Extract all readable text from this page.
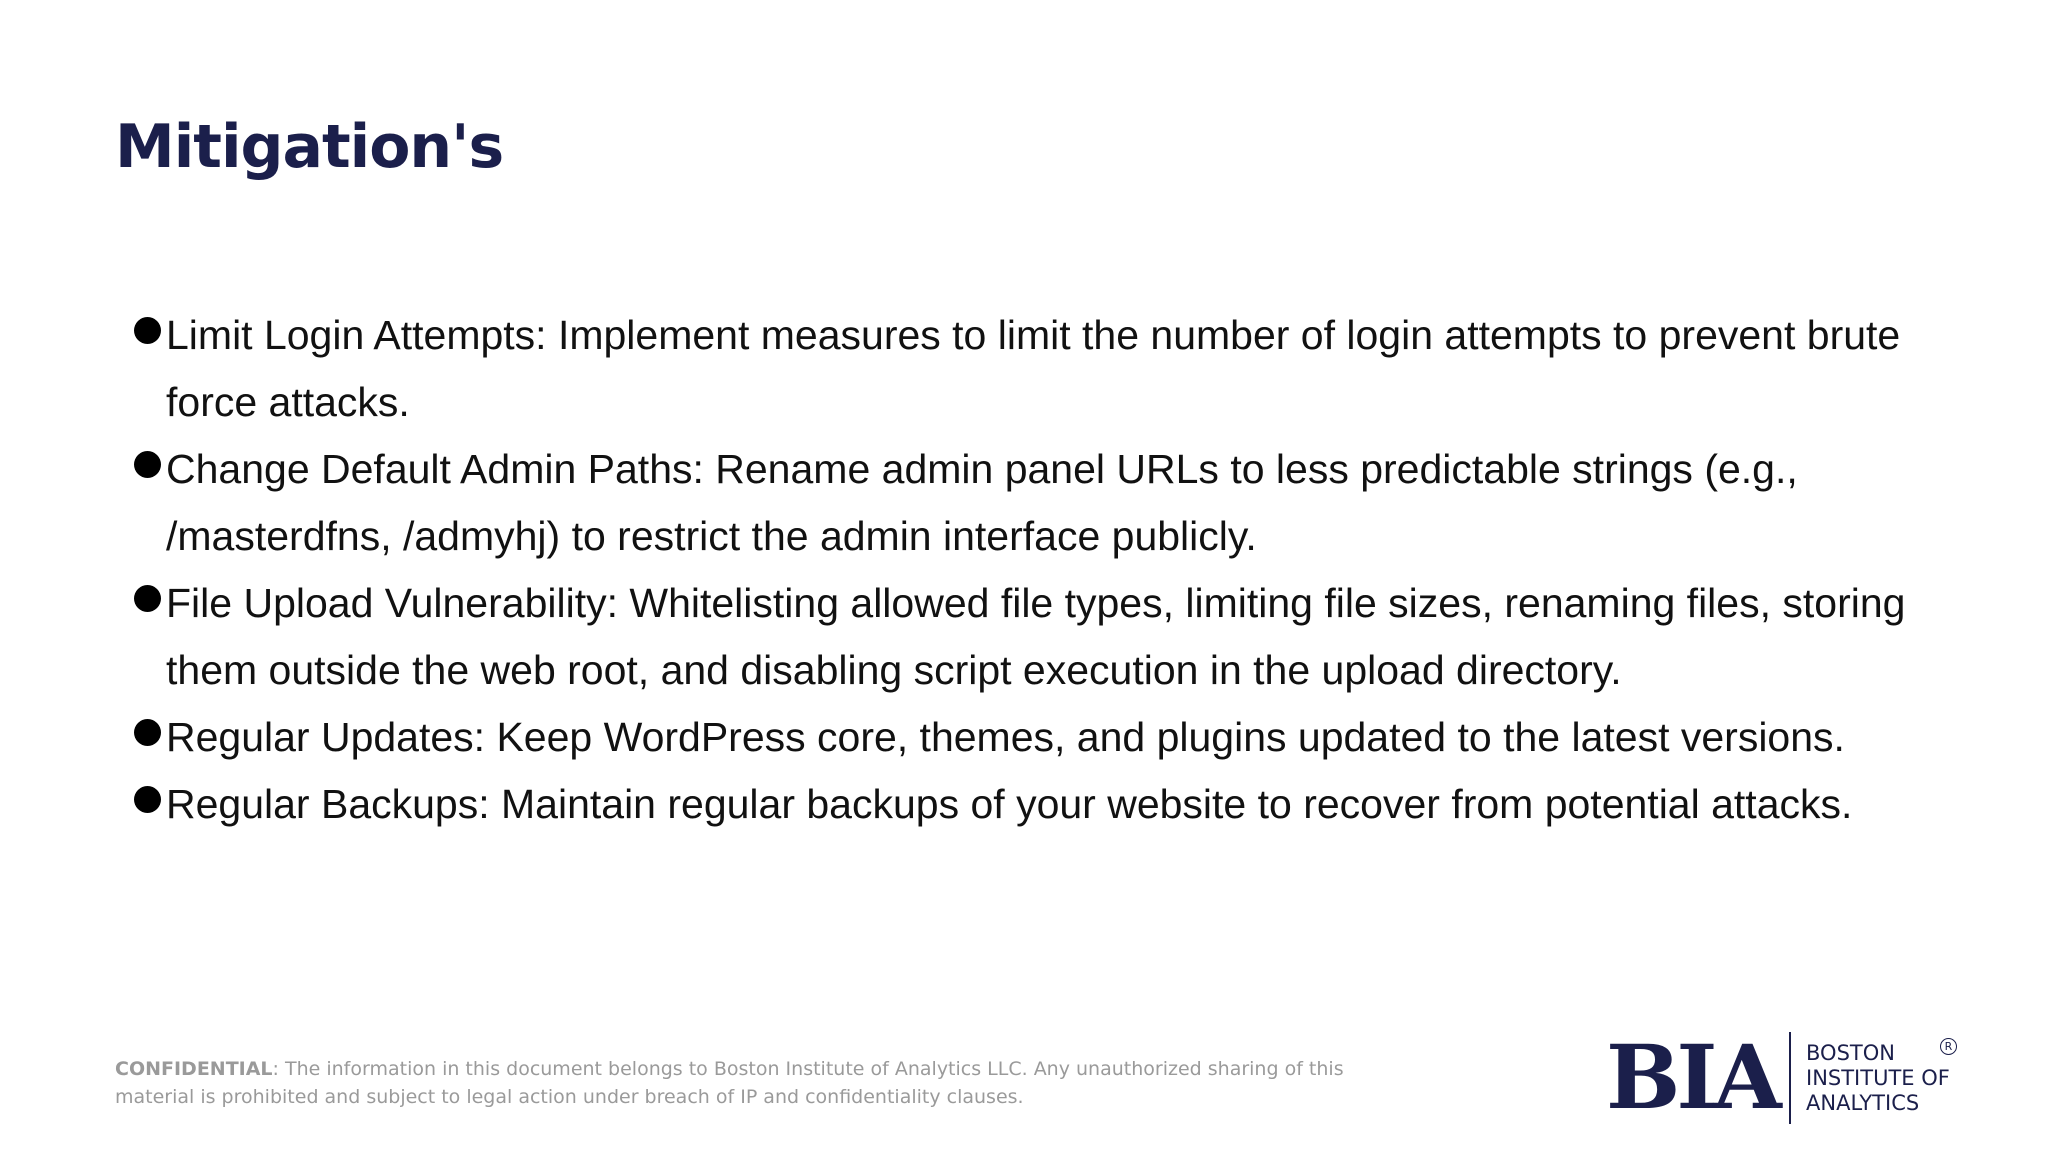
Mitigation's
Limit Login Attempts: Implement measures to limit the number of login attempts to prevent brute force attacks.
Change Default Admin Paths: Rename admin panel URLs to less predictable strings (e.g., /masterdfns, /admyhj) to restrict the admin interface publicly.
File Upload Vulnerability: Whitelisting allowed file types, limiting file sizes, renaming files, storing them outside the web root, and disabling script execution in the upload directory.
Regular Updates: Keep WordPress core, themes, and plugins updated to the latest versions.
Regular Backups: Maintain regular backups of your website to recover from potential attacks.

CONFIDENTIAL: The information in this document belongs to Boston Institute of Analytics LLC. Any unauthorized sharing of this material is prohibited and subject to legal action under breach of IP and confidentiality clauses.	BIA BOSTON
INSTITUTE OF
ANALYTICS
R
